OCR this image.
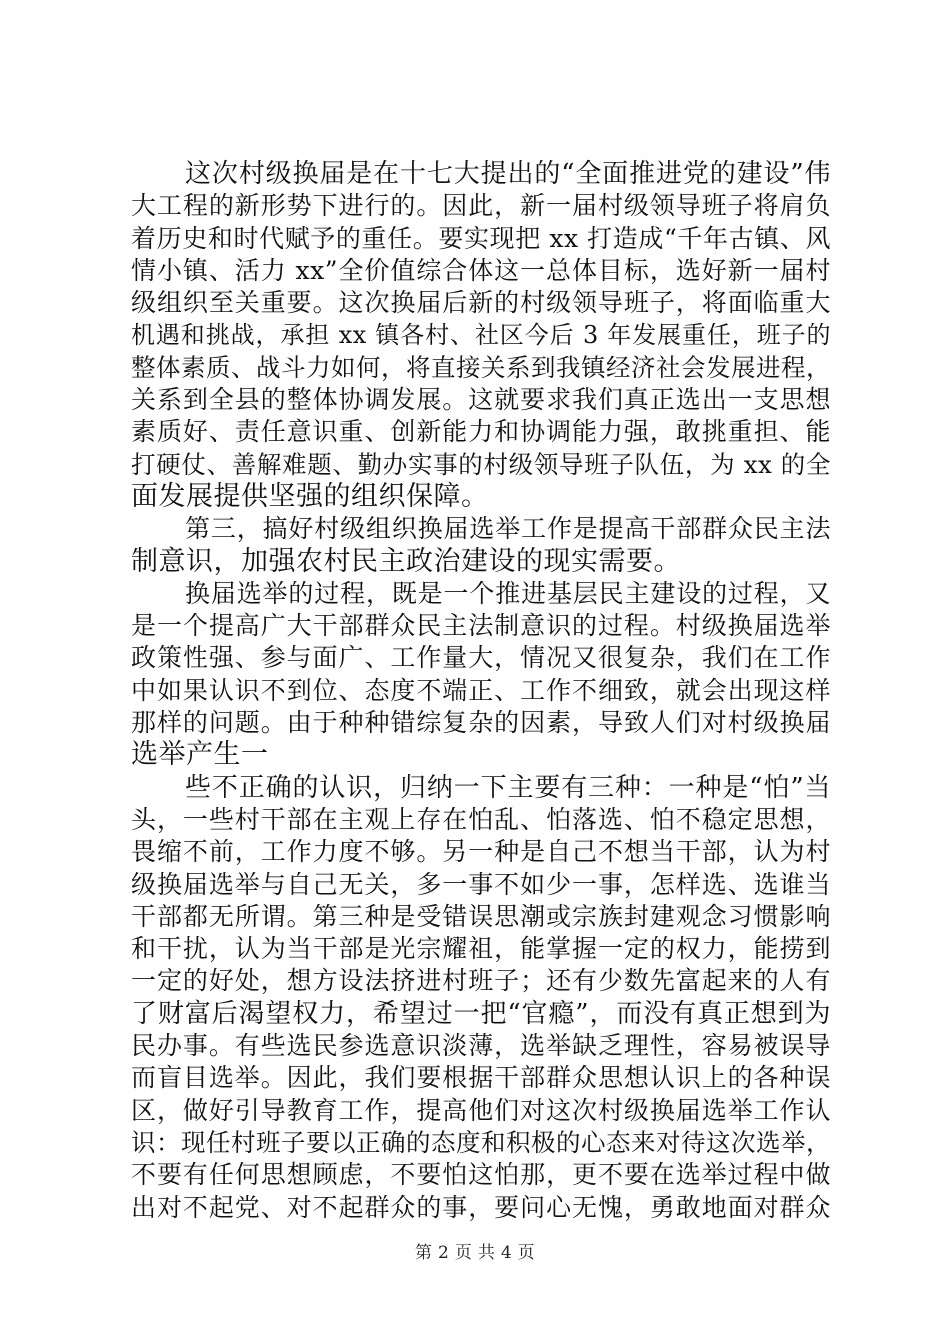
这次村级换届是在十七大提出的“全面推进党的建设”伟
大工程的新形势下进行的。因此，新一届村级领导班子将肩负
着历史和时代赋予的重任。要实现把 xx 打造成“千年古镇、风
情小镇、活力 xx”全价值综合体这一总体目标，选好新一届村
级组织至关重要。这次换届后新的村级领导班子，将面临重大
机遇和挑战，承担 xx 镇各村、社区今后 3 年发展重任，班子的
整体素质、战斗力如何，将直接关系到我镇经济社会发展进程，
关系到全县的整体协调发展。这就要求我们真正选出一支思想
素质好、责任意识重、创新能力和协调能力强，敢挑重担、能
打硬仗、善解难题、勤办实事的村级领导班子队伍，为 xx 的全
面发展提供坚强的组织保障。
第三，搞好村级组织换届选举工作是提高干部群众民主法
制意识，加强农村民主政治建设的现实需要。
换届选举的过程，既是一个推进基层民主建设的过程，又
是一个提高广大干部群众民主法制意识的过程。村级换届选举
政策性强、参与面广、工作量大，情况又很复杂，我们在工作
中如果认识不到位、态度不端正、工作不细致，就会出现这样
那样的问题。由于种种错综复杂的因素，导致人们对村级换届
选举产生一
些不正确的认识，归纳一下主要有三种：一种是“怕”当
头，一些村干部在主观上存在怕乱、怕落选、怕不稳定思想，
畏缩不前，工作力度不够。另一种是自己不想当干部，认为村
级换届选举与自己无关，多一事不如少一事，怎样选、选谁当
干部都无所谓。第三种是受错误思潮或宗族封建观念习惯影响
和干扰，认为当干部是光宗耀祖，能掌握一定的权力，能捞到
一定的好处，想方设法挤进村班子；还有少数先富起来的人有
了财富后渴望权力，希望过一把“官瘾”，而没有真正想到为
民办事。有些选民参选意识淡薄，选举缺乏理性，容易被误导
而盲目选举。因此，我们要根据干部群众思想认识上的各种误
区，做好引导教育工作，提高他们对这次村级换届选举工作认
识：现任村班子要以正确的态度和积极的心态来对待这次选举，
不要有任何思想顾虑，不要怕这怕那，更不要在选举过程中做
出对不起党、对不起群众的事，要问心无愧，勇敢地面对群众
第 2 页 共 4 页
